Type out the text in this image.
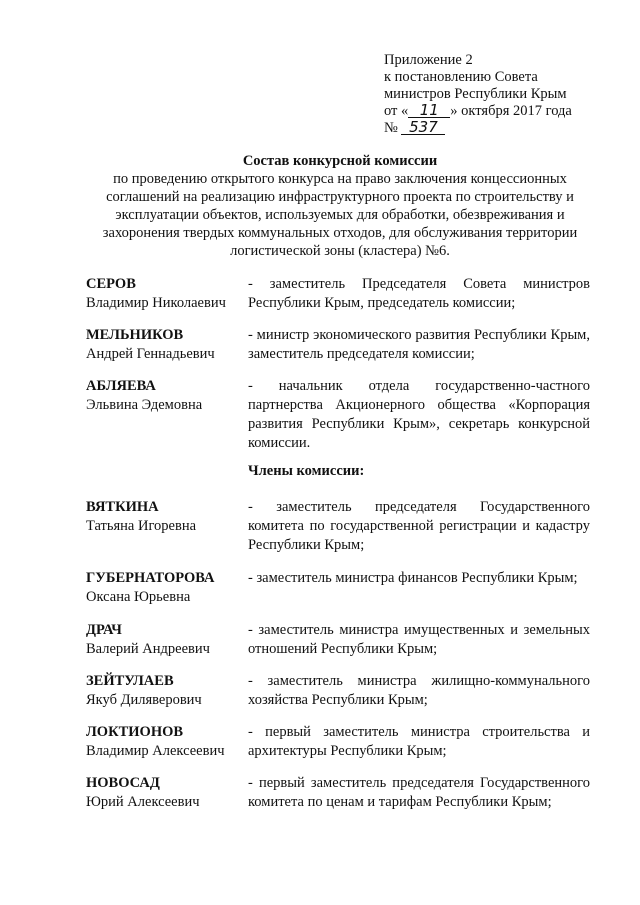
Приложение 2
к постановлению Совета
министров Республики Крым
от « 11 » октября 2017 года
№ 537
Состав конкурсной комиссии
по проведению открытого конкурса на право заключения концессионных
соглашений на реализацию инфраструктурного проекта по строительству и
эксплуатации объектов, используемых для обработки, обезвреживания и
захоронения твердых коммунальных отходов, для обслуживания территории
логистической зоны (кластера) №6.
СЕРОВ
Владимир Николаевич
- заместитель Председателя Совета министров Республики Крым, председатель комиссии;
МЕЛЬНИКОВ
Андрей Геннадьевич
- министр экономического развития Республики Крым, заместитель председателя комиссии;
АБЛЯЕВА
Эльвина Эдемовна
- начальник отдела государственно-частного партнерства Акционерного общества «Корпорация развития Республики Крым», секретарь конкурсной комиссии.
Члены комиссии:
ВЯТКИНА
Татьяна Игоревна
- заместитель председателя Государственного комитета по государственной регистрации и кадастру Республики Крым;
ГУБЕРНАТОРОВА
Оксана Юрьевна
- заместитель министра финансов Республики Крым;
ДРАЧ
Валерий Андреевич
- заместитель министра имущественных и земельных отношений Республики Крым;
ЗЕЙТУЛАЕВ
Якуб Диляверович
- заместитель министра жилищно-коммунального хозяйства Республики Крым;
ЛОКТИОНОВ
Владимир Алексеевич
- первый заместитель министра строительства и архитектуры Республики Крым;
НОВОСАД
Юрий Алексеевич
- первый заместитель председателя Государственного комитета по ценам и тарифам Республики Крым;
